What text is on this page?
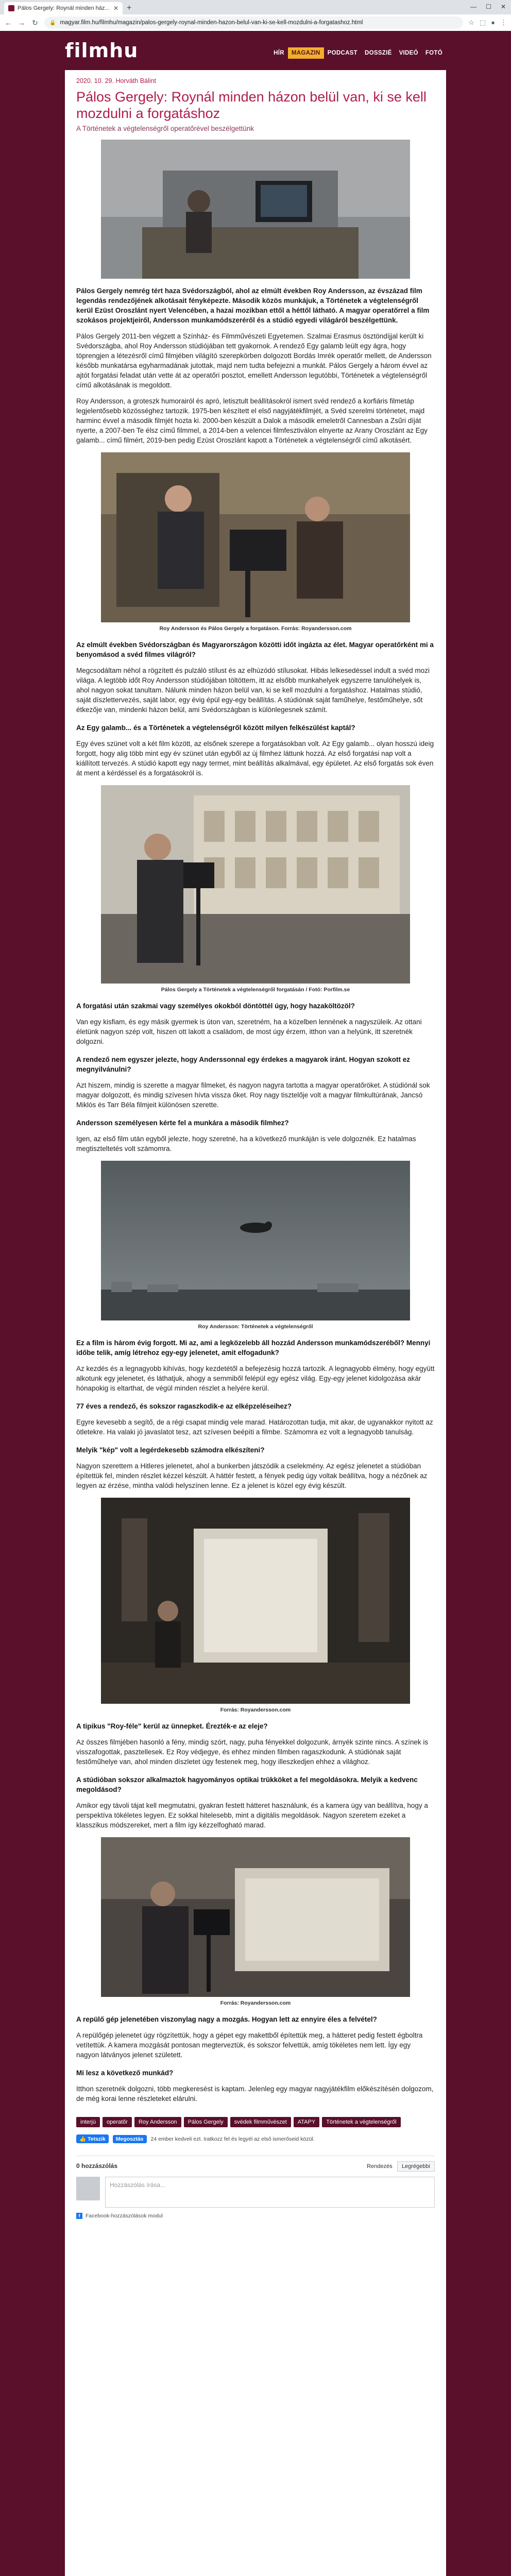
Pálos Gergely: Roynál minden ház... ✕ +	— ☐ ✕
← → ↻ 🔒 magyar.film.hu/filmhu/magazin/palos-gergely-roynal-minden-hazon-belul-van-ki-se-kell-mozdulni-a-forgatashoz.html	☆ ⬚ ● ⋮
filmhu	HÍR	MAGAZIN	PODCAST	DOSSZIÉ	VIDEÓ	FOTÓ
2020. 10. 29. Horváth Bálint
Pálos Gergely: Roynál minden házon belül van, ki se kell mozdulni a forgatáshoz
A Történetek a végtelenségről operatőrével beszélgettünk

Pálos Gergely nemrég tért haza Svédországból, ahol az elmúlt években Roy Andersson, az évszázad film legendás rendezőjének alkotásait fényképezte. Második közös munkájuk, a Történetek a végtelenségről kerül Ezüst Oroszlánt nyert Velencében, a hazai mozikban ettől a héttől látható. A magyar operatőrrel a film szokásos projektjeiről, Andersson munkamódszeréről és a stúdió egyedi világáról beszélgettünk.

Pálos Gergely 2011-ben végzett a Színház- és Filmművészeti Egyetemen. Szalmai Erasmus ösztöndíjjal került ki Svédországba, ahol Roy Andersson stúdiójában tett gyakornok. A rendező Egy galamb leült egy ágra, hogy töprengjen a létezésről című filmjében világító szerepkörben dolgozott Bordás Imrék operatőr mellett, de Andersson később munkatársa egyharmadának jutottak, majd nem tudta befejezni a munkát. Pálos Gergely a három évvel az ajtót forgatási feladat után vette át az operatőri posztot, emellett Andersson legutóbbi, Történetek a végtelenségről című alkotásának is megoldott.

Roy Andersson, a groteszk humorairól és apró, letisztult beállításokról ismert svéd rendező a korfiáris filmetáp legjelentősebb közösséghez tartozik. 1975-ben készített el első nagyjátékfilmjét, a Svéd szerelmi történetet, majd harminc évvel a második filmjét hozta ki. 2000-ben készült a Dalok a második emeletről Cannesban a Zsűri díját nyerte, a 2007-ben Te élsz című filmmel, a 2014-ben a velencei filmfesztiválon elnyerte az Arany Oroszlánt az Egy galamb... című filmért, 2019-ben pedig Ezüst Oroszlánt kapott a Történetek a végtelenségről című alkotásért.

Roy Andersson és Pálos Gergely a forgatáson. Forrás: Royandersson.com

Az elmúlt években Svédországban és Magyarországon közötti időt ingázta az élet. Magyar operatőrként mi a benyomásod a svéd filmes világról?

Megcsodáltam néhol a rögzített és pulzáló stílust és az elhúzódó stílusokat. Hibás lelkesedéssel indult a svéd mozi világa. A legtöbb időt Roy Andersson stúdiójában töltöttem, itt az elsőbb munkahelyek egyszerre tanulóhelyek is, ahol nagyon sokat tanultam. Nálunk minden házon belül van, ki se kell mozdulni a forgatáshoz. Hatalmas stúdió, saját díszlettervezés, saját labor, egy évig épül egy-egy beállítás. A stúdiónak saját faműhelye, festőműhelye, sőt étkezője van, mindenki házon belül, ami Svédországban is különlegesnek számít.

Az Egy galamb... és a Történetek a végtelenségről között milyen felkészülést kaptál?

Egy éves szünet volt a két film között, az elsőnek szerepe a forgatásokban volt. Az Egy galamb... olyan hosszú ideig forgott, hogy alig több mint egy év szünet után egyből az új filmhez láttunk hozzá. Az első forgatási nap volt a kiállított tervezés. A stúdió kapott egy nagy termet, mint beállítás alkalmával, egy épületet. Az első forgatás sok éven át ment a kérdéssel és a forgatásokról is.

Pálos Gergely a Történetek a végtelenségről forgatásán / Fotó: Porfilm.se

A forgatási után szakmai vagy személyes okokból döntöttél úgy, hogy hazaköltözöl?

Van egy kisfiam, és egy másik gyermek is úton van, szeretném, ha a közelben lennének a nagyszüleik. Az ottani életünk nagyon szép volt, hiszen ott lakott a családom, de most úgy érzem, itthon van a helyünk, itt szeretnék dolgozni.

A rendező nem egyszer jelezte, hogy Anderssonnal egy érdekes a magyarok iránt. Hogyan szokott ez megnyilvánulni?

Azt hiszem, mindig is szerette a magyar filmeket, és nagyon nagyra tartotta a magyar operatőröket. A stúdiónál sok magyar dolgozott, és mindig szívesen hívta vissza őket. Roy nagy tisztelője volt a magyar filmkultúrának, Jancsó Miklós és Tarr Béla filmjeit különösen szerette.

Andersson személyesen kérte fel a munkára a második filmhez?

Igen, az első film után egyből jelezte, hogy szeretné, ha a következő munkáján is vele dolgoznék. Ez hatalmas megtiszteltetés volt számomra.

Roy Andersson: Történetek a végtelenségről

Ez a film is három évig forgott. Mi az, ami a legközelebb áll hozzád Andersson munkamódszeréből? Mennyi időbe telik, amíg létrehoz egy-egy jelenetet, amit elfogadunk?

Az kezdés és a legnagyobb kihívás, hogy kezdetétől a befejezésig hozzá tartozik. A legnagyobb élmény, hogy együtt alkotunk egy jelenetet, és láthatjuk, ahogy a semmiből felépül egy egész világ. Egy-egy jelenet kidolgozása akár hónapokig is eltarthat, de végül minden részlet a helyére kerül.

77 éves a rendező, és sokszor ragaszkodik-e az elképzeléseihez?

Egyre kevesebb a segítő, de a régi csapat mindig vele marad. Határozottan tudja, mit akar, de ugyanakkor nyitott az ötletekre. Ha valaki jó javaslatot tesz, azt szívesen beépíti a filmbe. Számomra ez volt a legnagyobb tanulság.

Melyik "kép" volt a legérdekesebb számodra elkészíteni?

Nagyon szerettem a Hitleres jelenetet, ahol a bunkerben játszódik a cselekmény. Az egész jelenetet a stúdióban építettük fel, minden részlet kézzel készült. A háttér festett, a fények pedig úgy voltak beállítva, hogy a nézőnek az legyen az érzése, mintha valódi helyszínen lenne. Ez a jelenet is közel egy évig készült.

Forrás: Royandersson.com

A tipikus "Roy-féle" kerül az ünnepket. Érezték-e az eleje?

Az összes filmjében hasonló a fény, mindig szórt, nagy, puha fényekkel dolgozunk, árnyék szinte nincs. A színek is visszafogottak, pasztellesek. Ez Roy védjegye, és ehhez minden filmben ragaszkodunk. A stúdiónak saját festőműhelye van, ahol minden díszletet úgy festenek meg, hogy illeszkedjen ehhez a világhoz.

A stúdióban sokszor alkalmaztok hagyományos optikai trükköket a fel megoldásokra. Melyik a kedvenc megoldásod?

Amikor egy távoli tájat kell megmutatni, gyakran festett hátteret használunk, és a kamera úgy van beállítva, hogy a perspektíva tökéletes legyen. Ez sokkal hitelesebb, mint a digitális megoldások. Nagyon szeretem ezeket a klasszikus módszereket, mert a film így kézzelfogható marad.

Forrás: Royandersson.com

A repülő gép jelenetében viszonylag nagy a mozgás. Hogyan lett az ennyire éles a felvétel?

A repülőgép jelenetet úgy rögzítettük, hogy a gépet egy makettből építettük meg, a hátteret pedig festett égboltra vetítettük. A kamera mozgását pontosan megterveztük, és sokszor felvettük, amíg tökéletes nem lett. Így egy nagyon látványos jelenet született.

Mi lesz a következő munkád?

Itthon szeretnék dolgozni, több megkeresést is kaptam. Jelenleg egy magyar nagyjátékfilm előkészítésén dolgozom, de még korai lenne részleteket elárulni.

interjú	operatőr	Roy Andersson	Pálos Gergely	svédek filmművészet	ATAPY	Történetek a végtelenségről
👍 Tetszik	Megosztás	24 ember kedveli ezt. Iratkozz fel és legyél az első ismerőseid közül.
0 hozzászólás	Rendezés Legrégebbi
Hozzászólás írása...
f	Facebook-hozzászólások modul
